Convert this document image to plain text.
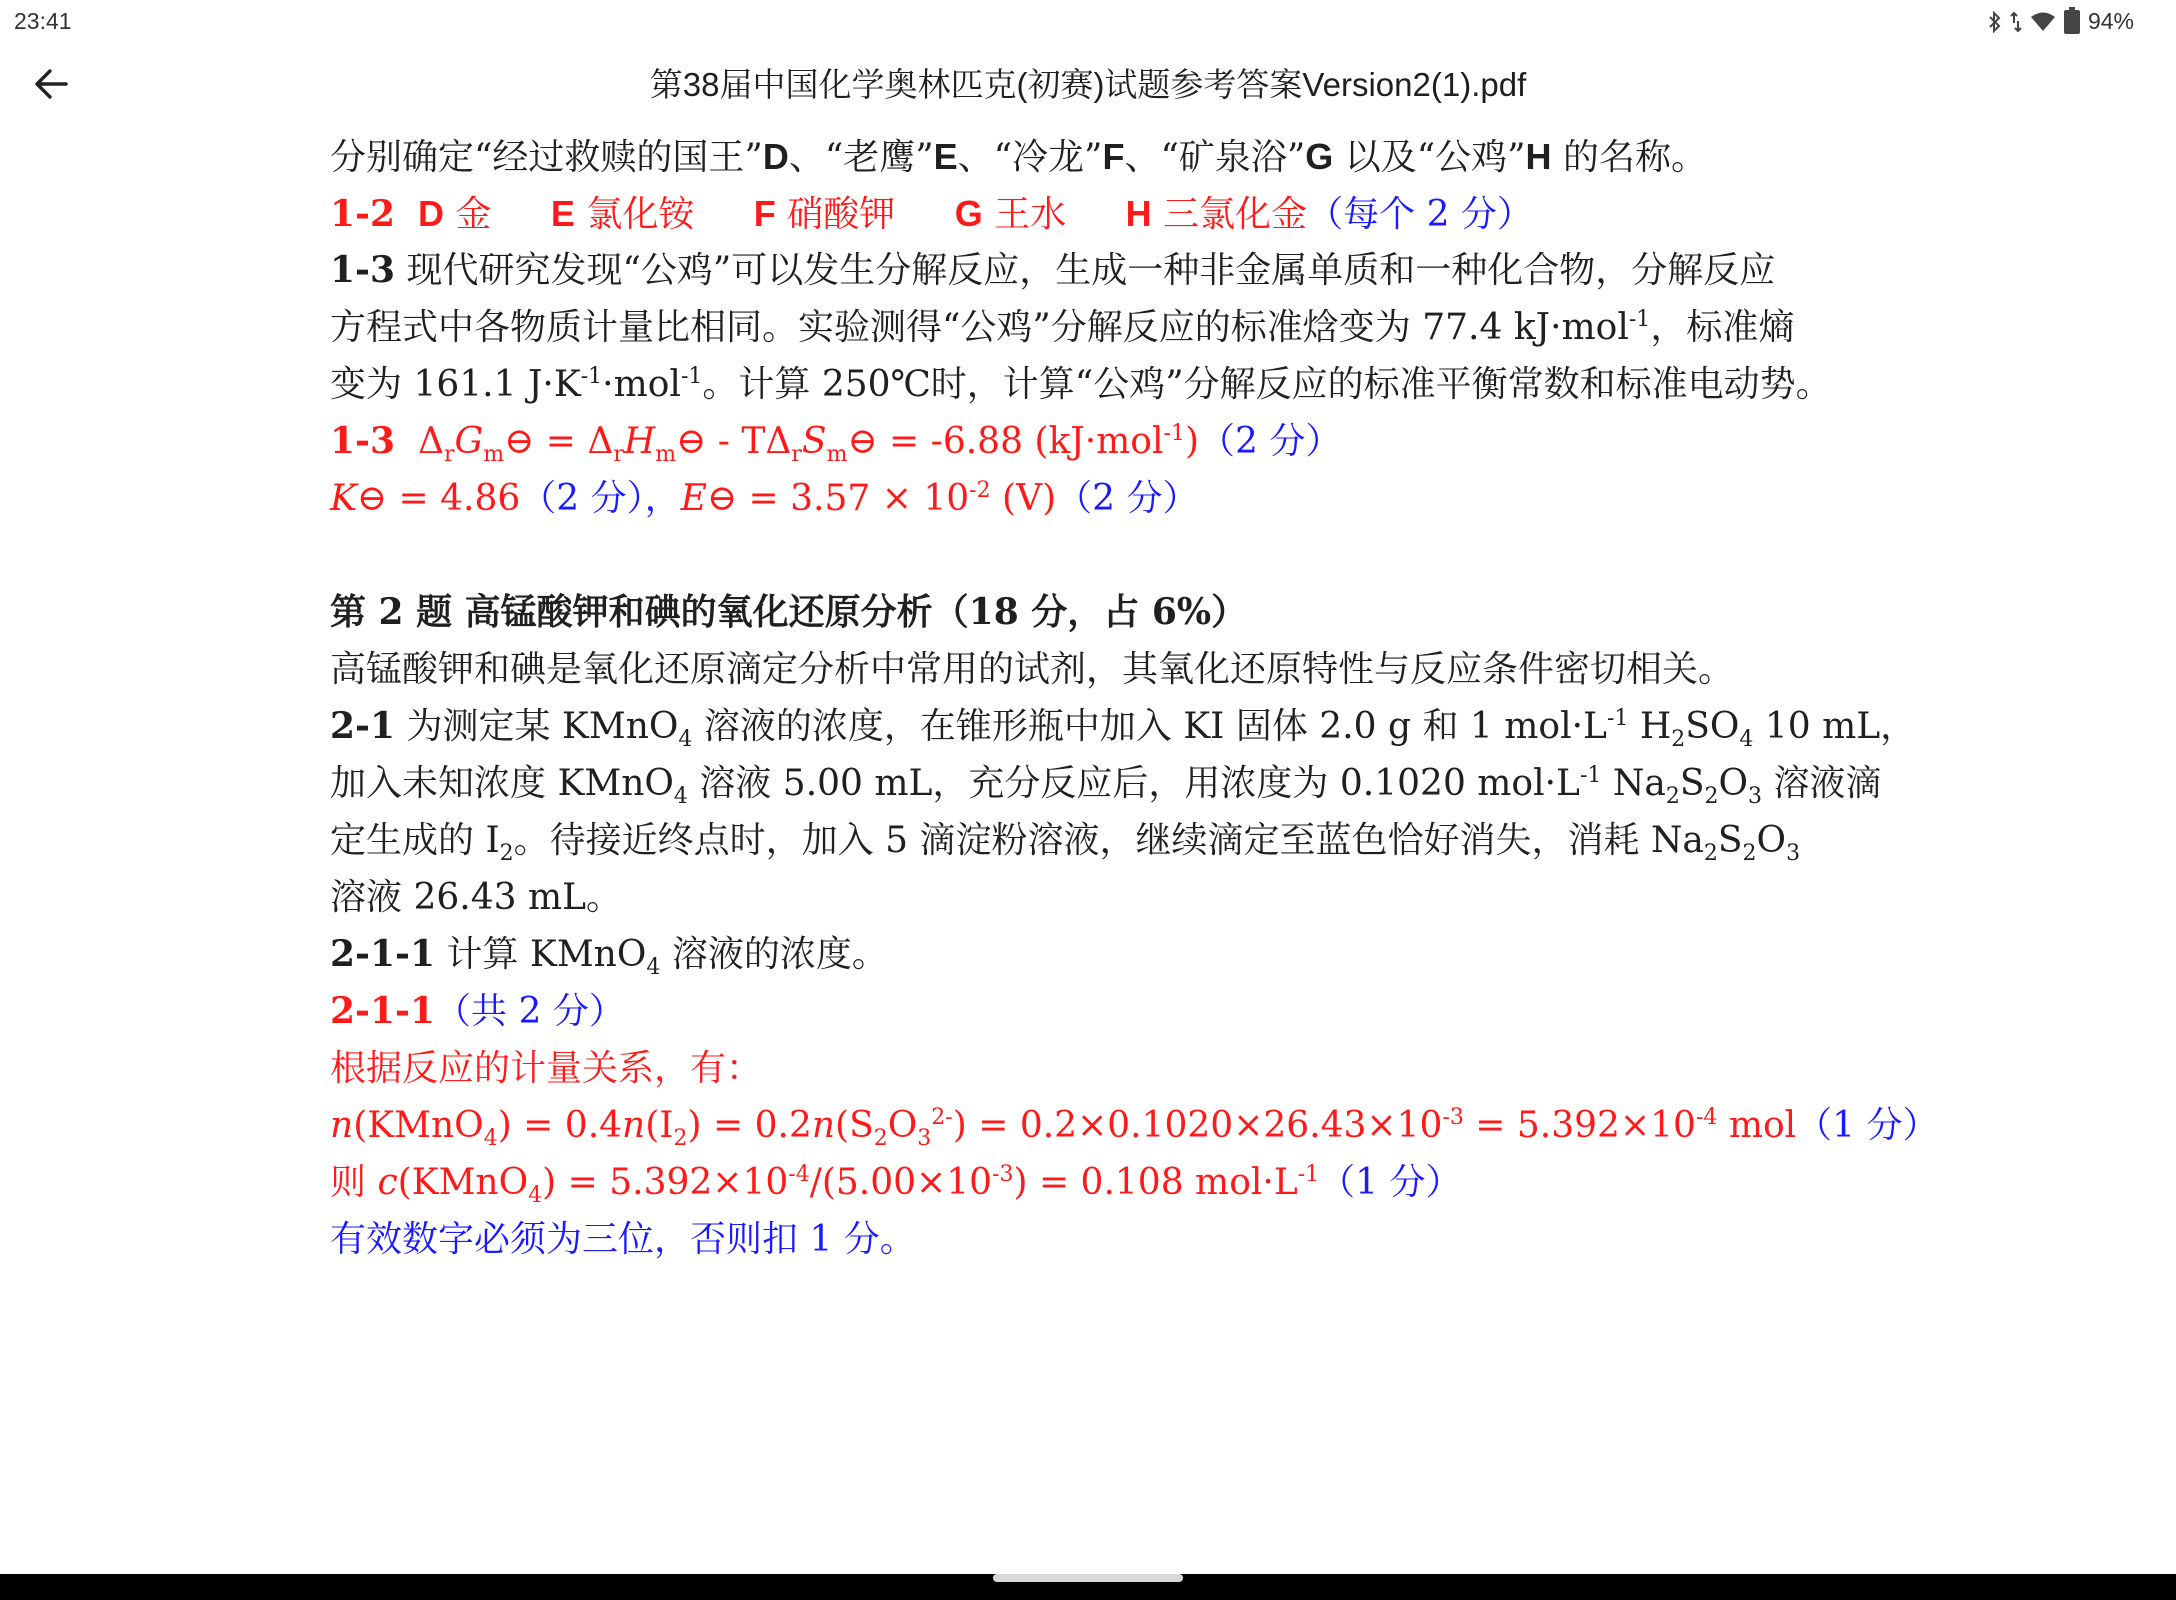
23:41	94%
第38届中国化学奥林匹克(初赛)试题参考答案Version2(1).pdf
分别确定“经过救赎的国王”D、“老鹰”E、“冷龙”F、“矿泉浴”G 以及“公鸡”H 的名称。
1-2 D 金 E 氯化铵 F 硝酸钾 G 王水 H 三氯化金（每个 2 分）
1-3 现代研究发现“公鸡”可以发生分解反应，生成一种非金属单质和一种化合物，分解反应
方程式中各物质计量比相同。实验测得“公鸡”分解反应的标准焓变为 77.4 kJ·mol$^{-1}$，标准熵
变为 161.1 $J\cdot K^{-1}\cdot mol^{-1}$。计算 250℃时，计算“公鸡”分解反应的标准平衡常数和标准电动势。
1-3 $\Delta_rG_m⊖$ = $\Delta_rH_m⊖$ - $T\Delta_rS_m⊖ = -6.88$ (kJ·mol$^{-1}$)（2 分）
K⊖ = 4.86（2 分），E⊖ = $3.57 \times 10^{-2}$ (V)（2 分）
第 2 题 高锰酸钾和碘的氧化还原分析（18 分，占 6%）
高锰酸钾和碘是氧化还原滴定分析中常用的试剂，其氧化还原特性与反应条件密切相关。
2-1 为测定某 KMnO$_4$ 溶液的浓度，在锥形瓶中加入 KI 固体 2.0 g 和 1 $mol\cdot L^{-1}$ $H_2SO_4$ 10 mL，
加入未知浓度 KMnO$_4$ 溶液 5.00 mL，充分反应后，用浓度为 0.1020 $mol\cdot L^{-1}$ $Na_2S_2O_3$ 溶液滴
定生成的 $I_2$。待接近终点时，加入 5 滴淀粉溶液，继续滴定至蓝色恰好消失，消耗 $Na_2S_2O_3$
溶液 26.43 mL。
2-1-1 计算 KMnO$_4$ 溶液的浓度。
2-1-1（共 2 分）
根据反应的计量关系，有：
n(KMnO$_4$) = $0.4n(I_2) = 0.2n(S_2O_3^{2-}) = 0.2\times 0.1020\times 26.43\times 10^{-3} = 5.392\times 10^{-4}$ mol（1 分）
则 c(KMnO$_4$) = $5.392\times 10^{-4}/(5.00\times 10^{-3}) = 0.108$ $mol\cdot L^{-1}(1$ 分）
有效数字必须为三位，否则扣 1 分。
